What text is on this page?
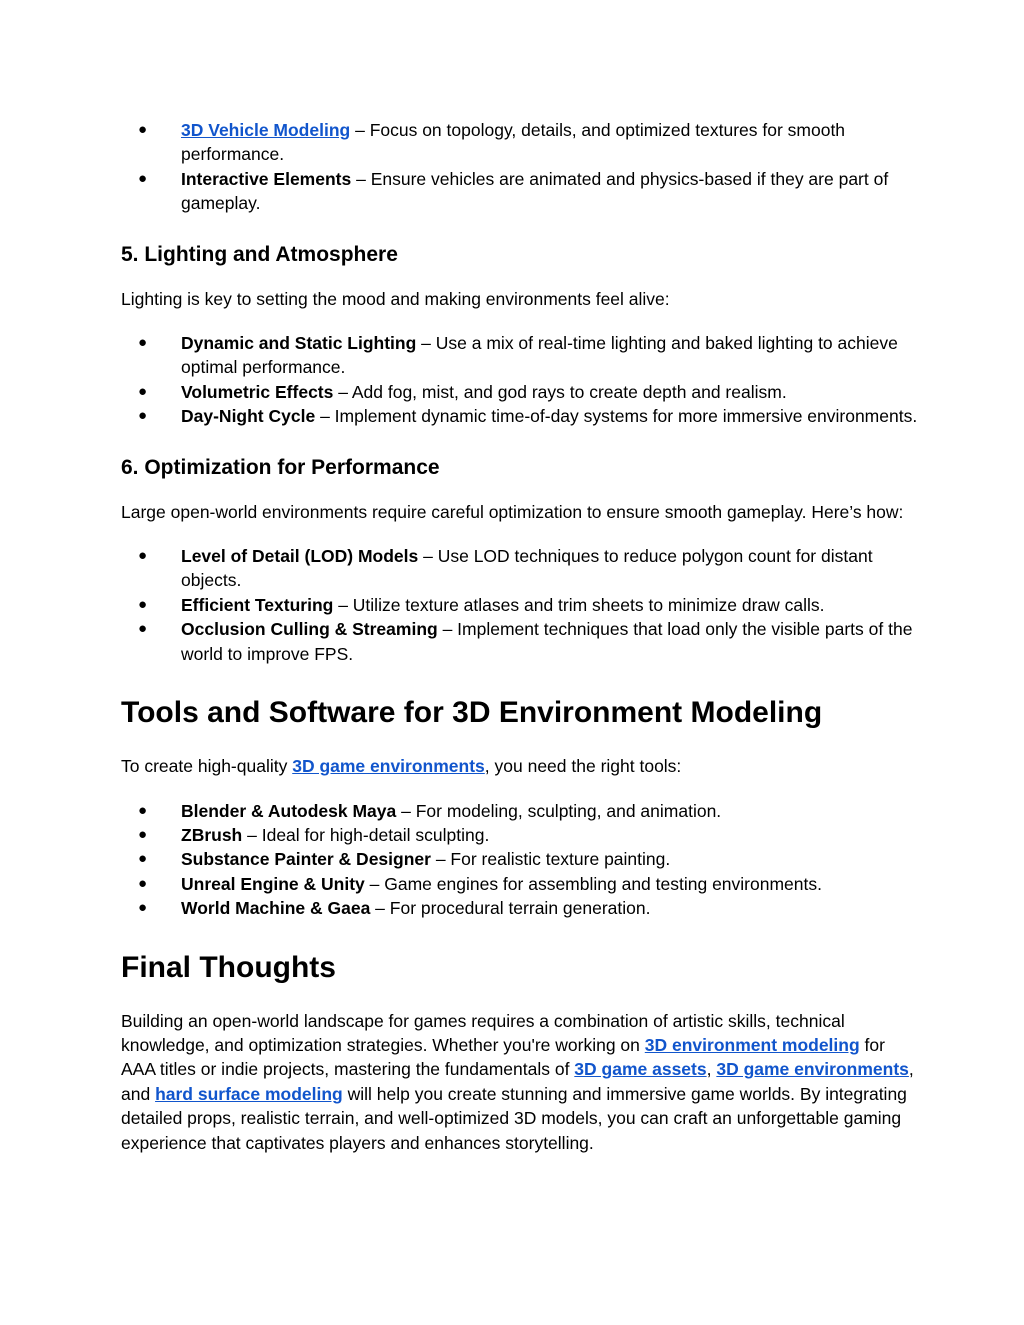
● 3D Vehicle Modeling – Focus on topology, details, and optimized textures for smooth performance.
● Interactive Elements – Ensure vehicles are animated and physics-based if they are part of gameplay.
5. Lighting and Atmosphere

Lighting is key to setting the mood and making environments feel alive:

● Dynamic and Static Lighting – Use a mix of real-time lighting and baked lighting to achieve optimal performance.
● Volumetric Effects – Add fog, mist, and god rays to create depth and realism.
● Day-Night Cycle – Implement dynamic time-of-day systems for more immersive environments.
6. Optimization for Performance

Large open-world environments require careful optimization to ensure smooth gameplay. Here’s how:

● Level of Detail (LOD) Models – Use LOD techniques to reduce polygon count for distant objects.
● Efficient Texturing – Utilize texture atlases and trim sheets to minimize draw calls.
● Occlusion Culling & Streaming – Implement techniques that load only the visible parts of the world to improve FPS.
Tools and Software for 3D Environment Modeling

To create high-quality 3D game environments, you need the right tools:

● Blender & Autodesk Maya – For modeling, sculpting, and animation.
● ZBrush – Ideal for high-detail sculpting.
● Substance Painter & Designer – For realistic texture painting.
● Unreal Engine & Unity – Game engines for assembling and testing environments.
● World Machine & Gaea – For procedural terrain generation.
Final Thoughts

Building an open-world landscape for games requires a combination of artistic skills, technical knowledge, and optimization strategies. Whether you're working on 3D environment modeling for AAA titles or indie projects, mastering the fundamentals of 3D game assets, 3D game environments, and hard surface modeling will help you create stunning and immersive game worlds. By integrating detailed props, realistic terrain, and well-optimized 3D models, you can craft an unforgettable gaming experience that captivates players and enhances storytelling.
